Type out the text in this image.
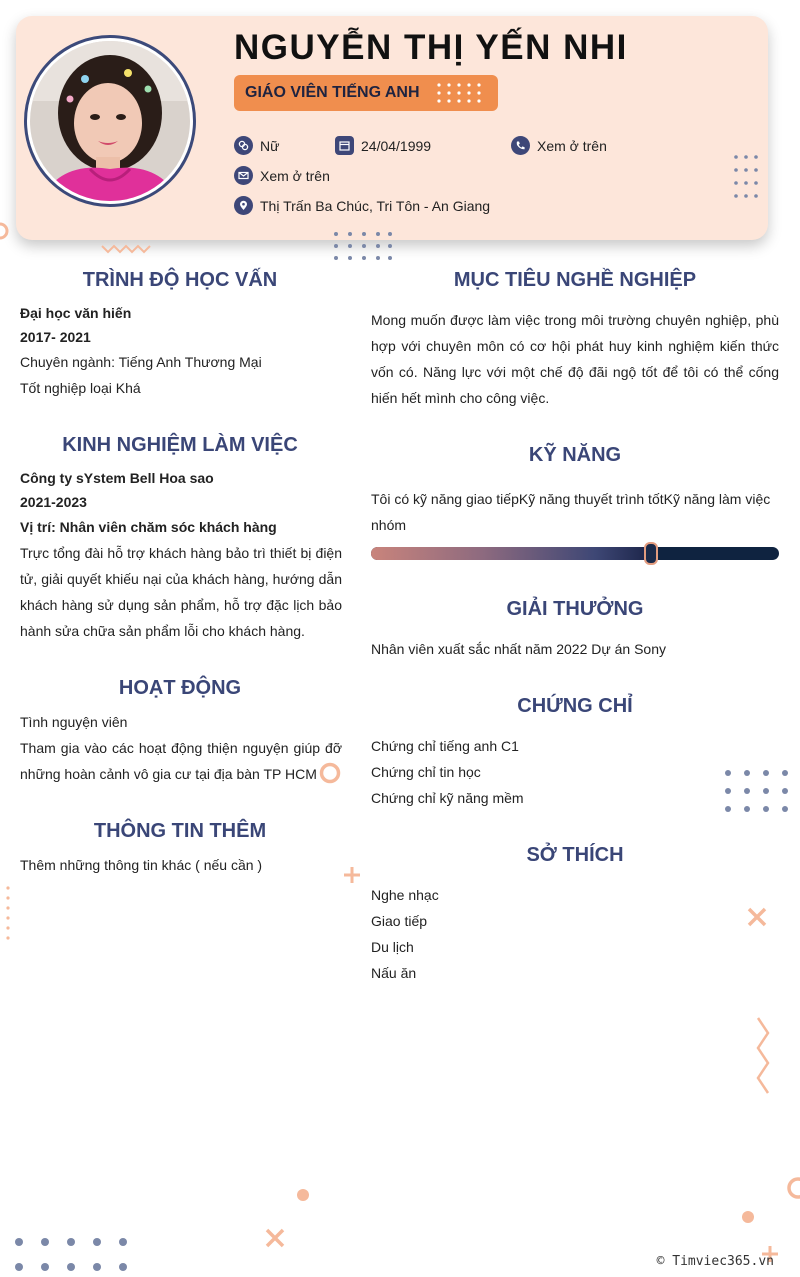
NGUYỄN THỊ YẾN NHI
GIÁO VIÊN TIẾNG ANH
Nữ	24/04/1999	Xem ở trên
Xem ở trên
Thị Trấn Ba Chúc, Tri Tôn - An Giang
TRÌNH ĐỘ HỌC VẤN
Đại học văn hiến
2017- 2021
Chuyên ngành: Tiếng Anh Thương Mại
Tốt nghiệp loại Khá
KINH NGHIỆM LÀM VIỆC
Công ty sYstem Bell Hoa sao
2021-2023
Vị trí: Nhân viên chăm sóc khách hàng
Trực tổng đài hỗ trợ khách hàng bảo trì thiết bị điện tử, giải quyết khiếu nại của khách hàng, hướng dẫn khách hàng sử dụng sản phẩm, hỗ trợ đặc lịch bảo hành sửa chữa sản phẩm lỗi cho khách hàng.
HOẠT ĐỘNG
Tình nguyện viên
Tham gia vào các hoạt động thiện nguyện giúp đỡ những hoàn cảnh vô gia cư tại địa bàn TP HCM
THÔNG TIN THÊM
Thêm những thông tin khác ( nếu cần )
MỤC TIÊU NGHỀ NGHIỆP
Mong muốn được làm việc trong môi trường chuyên nghiệp, phù hợp với chuyên môn có cơ hội phát huy kinh nghiệm kiến thức vốn có. Năng lực với một chế độ đãi ngộ tốt để tôi có thể cống hiến hết mình cho công việc.
KỸ NĂNG
Tôi có kỹ năng giao tiếpKỹ năng thuyết trình tốtKỹ năng làm việc nhóm
GIẢI THƯỞNG
Nhân viên xuất sắc nhất năm 2022 Dự án Sony
CHỨNG CHỈ
Chứng chỉ tiếng anh C1
Chứng chỉ tin học
Chứng chỉ kỹ năng mềm
SỞ THÍCH
Nghe nhạc
Giao tiếp
Du lịch
Nấu ăn
© Timviec365.vn
